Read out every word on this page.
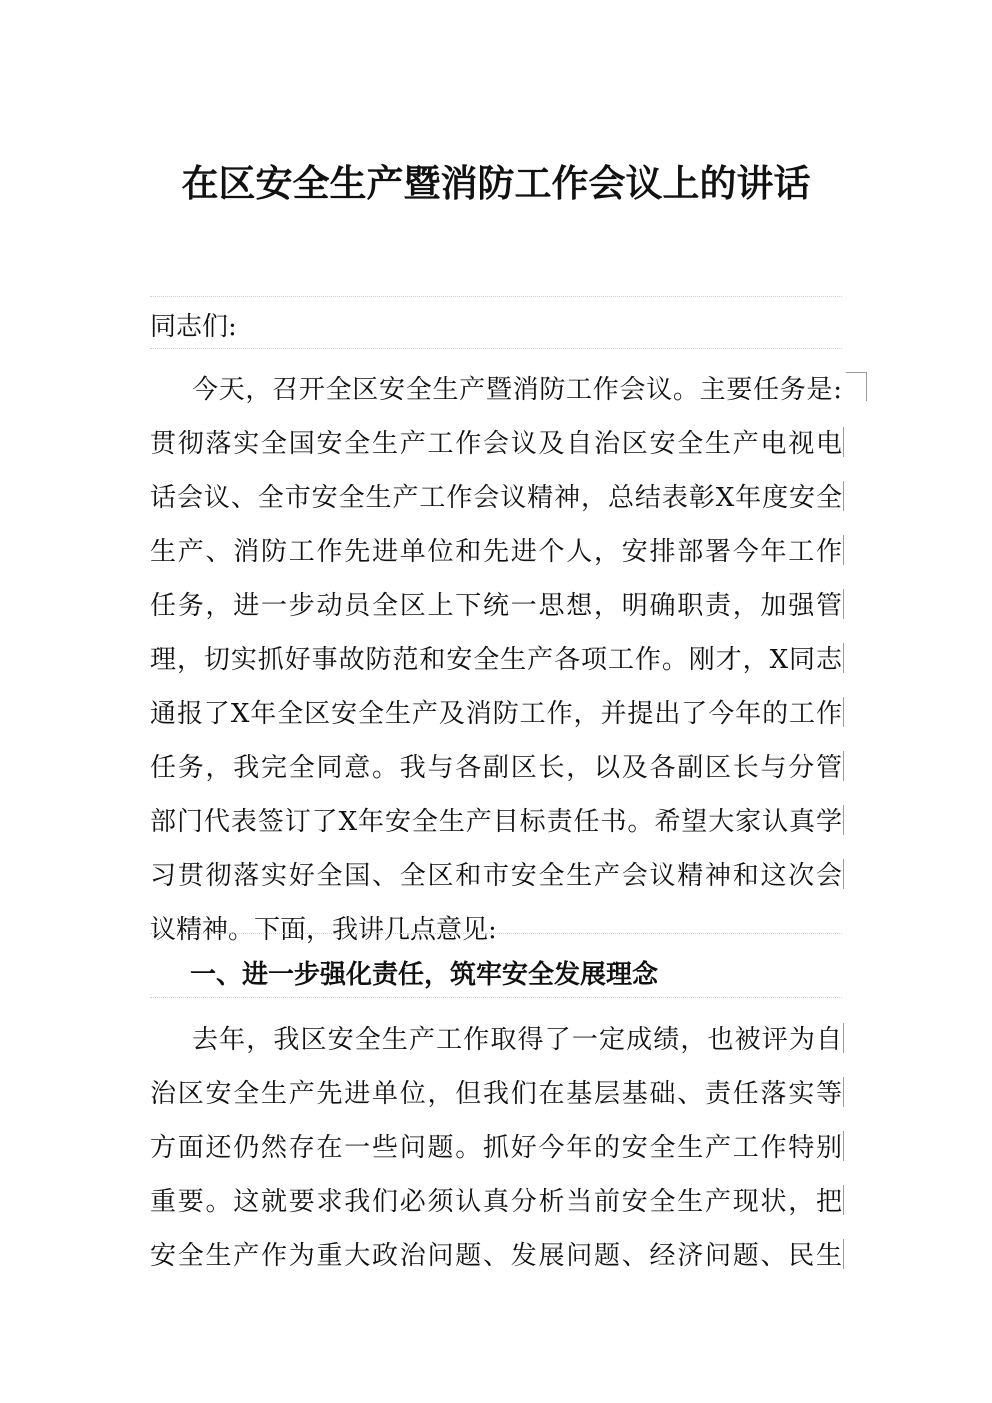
在区安全生产暨消防工作会议上的讲话
同志们:
今天，召开全区安全生产暨消防工作会议。主要任务是:
贯彻落实全国安全生产工作会议及自治区安全生产电视电
话会议、全市安全生产工作会议精神，总结表彰X年度安全
生产、消防工作先进单位和先进个人，安排部署今年工作
任务，进一步动员全区上下统一思想，明确职责，加强管
理，切实抓好事故防范和安全生产各项工作。刚才，X同志
通报了X年全区安全生产及消防工作，并提出了今年的工作
任务，我完全同意。我与各副区长，以及各副区长与分管
部门代表签订了X年安全生产目标责任书。希望大家认真学
习贯彻落实好全国、全区和市安全生产会议精神和这次会
议精神。下面，我讲几点意见:
一、进一步强化责任，筑牢安全发展理念
去年，我区安全生产工作取得了一定成绩，也被评为自
治区安全生产先进单位，但我们在基层基础、责任落实等
方面还仍然存在一些问题。抓好今年的安全生产工作特别
重要。这就要求我们必须认真分析当前安全生产现状，把
安全生产作为重大政治问题、发展问题、经济问题、民生
